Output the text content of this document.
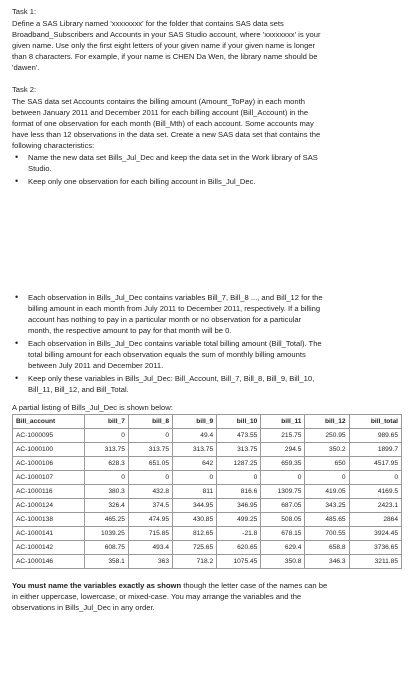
Task 1:

Define a SAS Library named 'xxxxxxxx' for the folder that contains SAS data sets
Broadband_Subscribers and Accounts in your SAS Studio account, where 'xxxxxxxx' is your
given name. Use only the first eight letters of your given name if your given name is longer
than 8 characters. For example, if your name is CHEN Da Wen, the library name should be
'dawen'.

Task 2:

The SAS data set Accounts contains the billing amount (Amount_ToPay) in each month
between January 2011 and December 2011 for each billing account (Bill_Account) in the
format of one observation for each month (Bill_Mth) of each account. Some accounts may
have less than 12 observations in the data set. Create a new SAS data set that contains the
following characteristics:

• Name the new data set Bills_Jul_Dec and keep the data set in the Work library of SAS
Studio.
• Keep only one observation for each billing account in Bills_Jul_Dec.
• Each observation in Bills_Jul_Dec contains variables Bill_7, Bill_8 ..., and Bill_12 for the
billing amount in each month from July 2011 to December 2011, respectively. If a billing
account has nothing to pay in a particular month or no observation for a particular
month, the respective amount to pay for that month will be 0.
• Each observation in Bills_Jul_Dec contains variable total billing amount (Bill_Total). The
total billing amount for each observation equals the sum of monthly billing amounts
between July 2011 and December 2011.
• Keep only these variables in Bills_Jul_Dec: Bill_Account, Bill_7, Bill_8, Bill_9, Bill_10,
Bill_11, Bill_12, and Bill_Total.

A partial listing of Bills_Jul_Dec is shown below:

Bill_account	bill_7	bill_8	bill_9	bill_10	bill_11	bill_12	bill_total
AC-1000095	0	0	49.4	473.55	215.75	250.95	989.65
AC-1000100	313.75	313.75	313.75	313.75	294.5	350.2	1899.7
AC-1000106	628.3	651.05	642	1287.25	659.35	650	4517.95
AC-1000107	0	0	0	0	0	0	0
AC-1000116	380.3	432.8	811	816.6	1309.75	419.05	4169.5
AC-1000124	326.4	374.5	344.95	346.95	687.05	343.25	2423.1
AC-1000138	465.25	474.95	430.85	499.25	508.05	485.65	2864
AC-1000141	1039.25	715.85	812.65	-21.8	678.15	700.55	3924.45
AC-1000142	608.75	493.4	725.65	620.65	629.4	658.8	3736.65
AC-1000146	358.1	363	718.2	1075.45	350.8	346.3	3211.85

You must name the variables exactly as shown though the letter case of the names can be
in either uppercase, lowercase, or mixed-case. You may arrange the variables and the
observations in Bills_Jul_Dec in any order.
